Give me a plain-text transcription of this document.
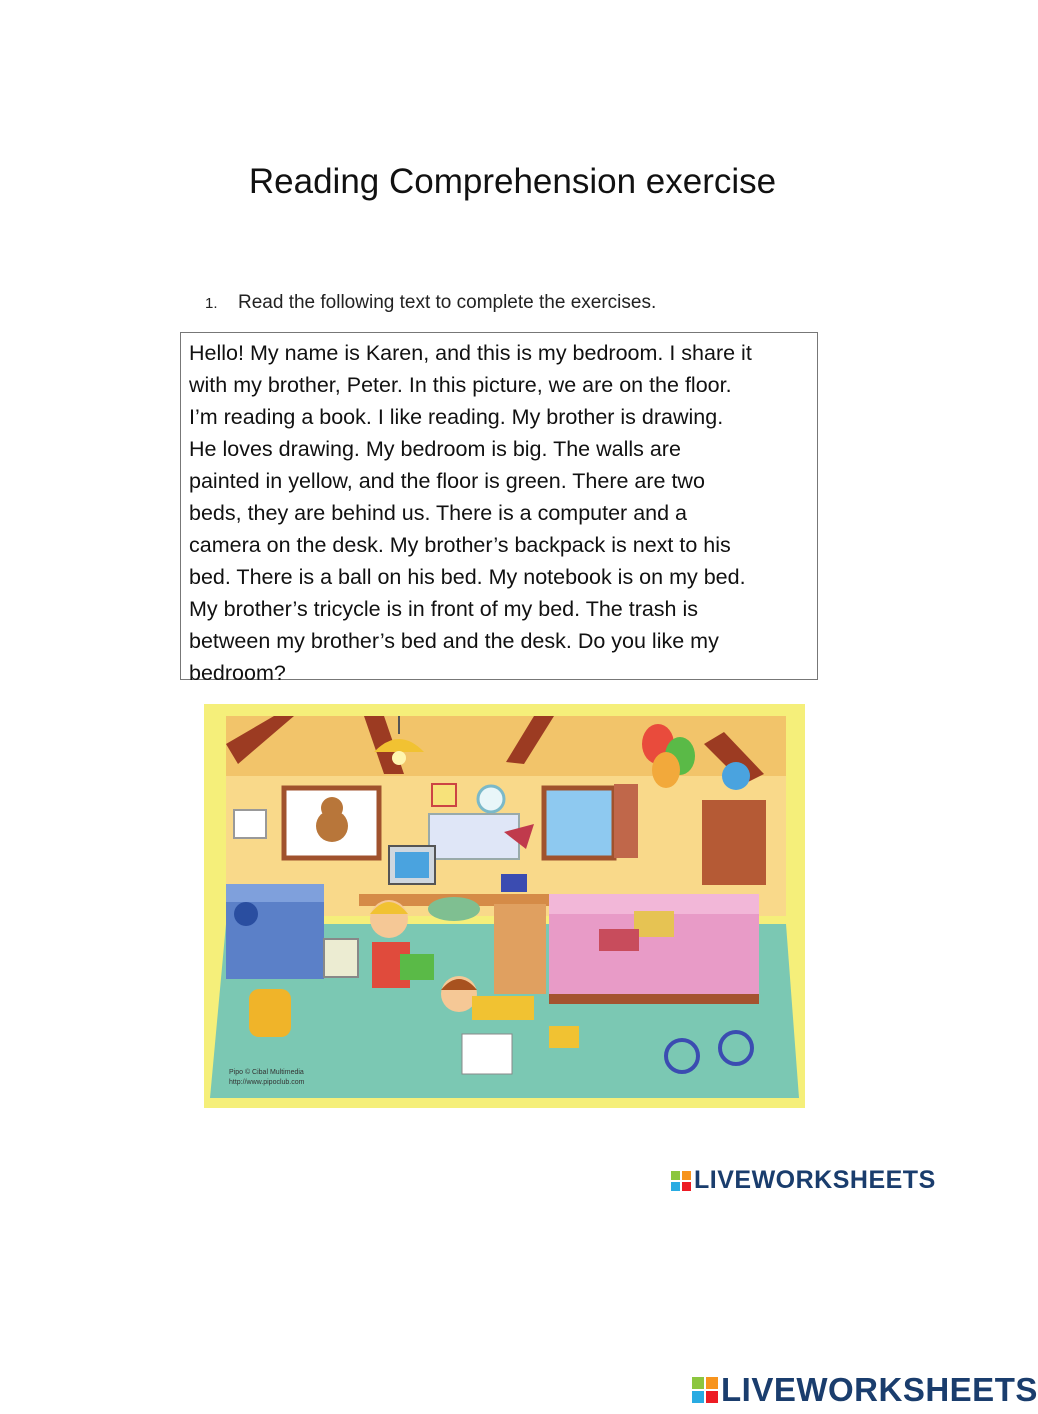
Reading Comprehension exercise
1. Read the following text to complete the exercises.

Hello! My name is Karen, and this is my bedroom. I share it
with my brother, Peter. In this picture, we are on the floor.
I’m reading a book. I like reading. My brother is drawing.
He loves drawing. My bedroom is big. The walls are
painted in yellow, and the floor is green. There are two
beds, they are behind us. There is a computer and a
camera on the desk. My brother’s backpack is next to his
bed. There is a ball on his bed. My notebook is on my bed.
My brother’s tricycle is in front of my bed. The trash is
between my brother’s bed and the desk. Do you like my
bedroom?

Pipo © Cibal Multimedia
http://www.pipoclub.com
LIVEWORKSHEETS
LIVEWORKSHEETS
